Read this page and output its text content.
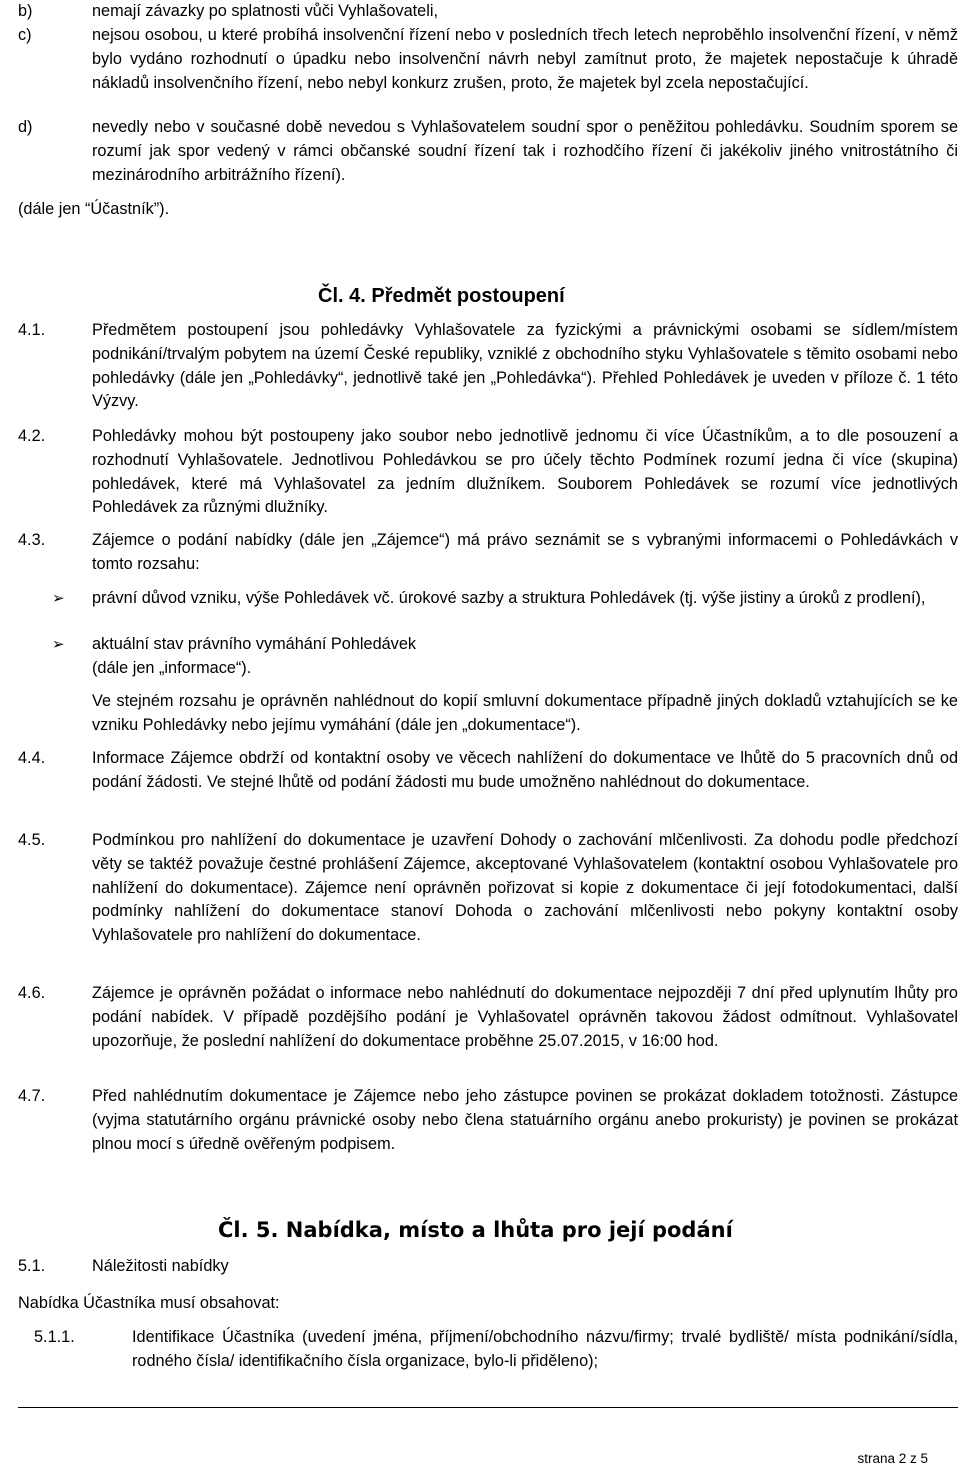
b)	nemají závazky po splatnosti vůči Vyhlašovateli,
c)	nejsou osobou, u které probíhá insolvenční řízení nebo v posledních třech letech neproběhlo insolvenční řízení, v němž bylo vydáno rozhodnutí o úpadku nebo insolvenční návrh nebyl zamítnut proto, že majetek nepostačuje k úhradě nákladů insolvenčního řízení, nebo nebyl konkurz zrušen, proto, že majetek byl zcela nepostačující.
d)	nevedly nebo v současné době nevedou s Vyhlašovatelem soudní spor o peněžitou pohledávku. Soudním sporem se rozumí jak spor vedený v rámci občanské soudní řízení tak i rozhodčího řízení či jakékoliv jiného vnitrostátního či mezinárodního arbitrážního řízení).
(dále jen “Účastník”).
Čl. 4. Předmět postoupení
4.1.	Předmětem postoupení jsou pohledávky Vyhlašovatele za fyzickými a právnickými osobami se sídlem/místem podnikání/trvalým pobytem na území České republiky, vzniklé z obchodního styku Vyhlašovatele s těmito osobami nebo pohledávky (dále jen „Pohledávky“, jednotlivě také jen „Pohledávka“). Přehled Pohledávek je uveden v příloze č. 1 této Výzvy.
4.2.	Pohledávky mohou být postoupeny jako soubor nebo jednotlivě jednomu či více Účastníkům, a to dle posouzení a rozhodnutí Vyhlašovatele. Jednotlivou Pohledávkou se pro účely těchto Podmínek rozumí jedna či více (skupina) pohledávek, které má Vyhlašovatel za jedním dlužníkem. Souborem Pohledávek se rozumí více jednotlivých Pohledávek za různými dlužníky.
4.3.	Zájemce o podání nabídky (dále jen „Zájemce“) má právo seznámit se s vybranými informacemi o Pohledávkách v tomto rozsahu:
➢ právní důvod vzniku, výše Pohledávek vč. úrokové sazby a struktura Pohledávek (tj. výše jistiny a úroků z prodlení),
➢ aktuální stav právního vymáhání Pohledávek
(dále jen „informace“).
Ve stejném rozsahu je oprávněn nahlédnout do kopií smluvní dokumentace případně jiných dokladů vztahujících se ke vzniku Pohledávky nebo jejímu vymáhání (dále jen „dokumentace“).
4.4.	Informace Zájemce obdrží od kontaktní osoby ve věcech nahlížení do dokumentace ve lhůtě do 5 pracovních dnů od podání žádosti. Ve stejné lhůtě od podání žádosti mu bude umožněno nahlédnout do dokumentace.
4.5.	Podmínkou pro nahlížení do dokumentace je uzavření Dohody o zachování mlčenlivosti. Za dohodu podle předchozí věty se taktéž považuje čestné prohlášení Zájemce, akceptované Vyhlašovatelem (kontaktní osobou Vyhlašovatele pro nahlížení do dokumentace). Zájemce není oprávněn pořizovat si kopie z dokumentace či její fotodokumentaci, další podmínky nahlížení do dokumentace stanoví Dohoda o zachování mlčenlivosti nebo pokyny kontaktní osoby Vyhlašovatele pro nahlížení do dokumentace.
4.6.	Zájemce je oprávněn požádat o informace nebo nahlédnutí do dokumentace nejpozději 7 dní před uplynutím lhůty pro podání nabídek. V případě pozdějšího podání je Vyhlašovatel oprávněn takovou žádost odmítnout. Vyhlašovatel upozorňuje, že poslední nahlížení do dokumentace proběhne 25.07.2015, v 16:00 hod.
4.7.	Před nahlédnutím dokumentace je Zájemce nebo jeho zástupce povinen se prokázat dokladem totožnosti. Zástupce (vyjma statutárního orgánu právnické osoby nebo člena statuárního orgánu anebo prokuristy) je povinen se prokázat plnou mocí s úředně ověřeným podpisem.
Čl. 5. Nabídka, místo a lhůta pro její podání
5.1.	Náležitosti nabídky
Nabídka Účastníka musí obsahovat:
5.1.1.	Identifikace Účastníka (uvedení jména, příjmení/obchodního názvu/firmy; trvalé bydliště/ místa podnikání/sídla, rodného čísla/ identifikačního čísla organizace, bylo-li přiděleno);
strana 2 z 5
